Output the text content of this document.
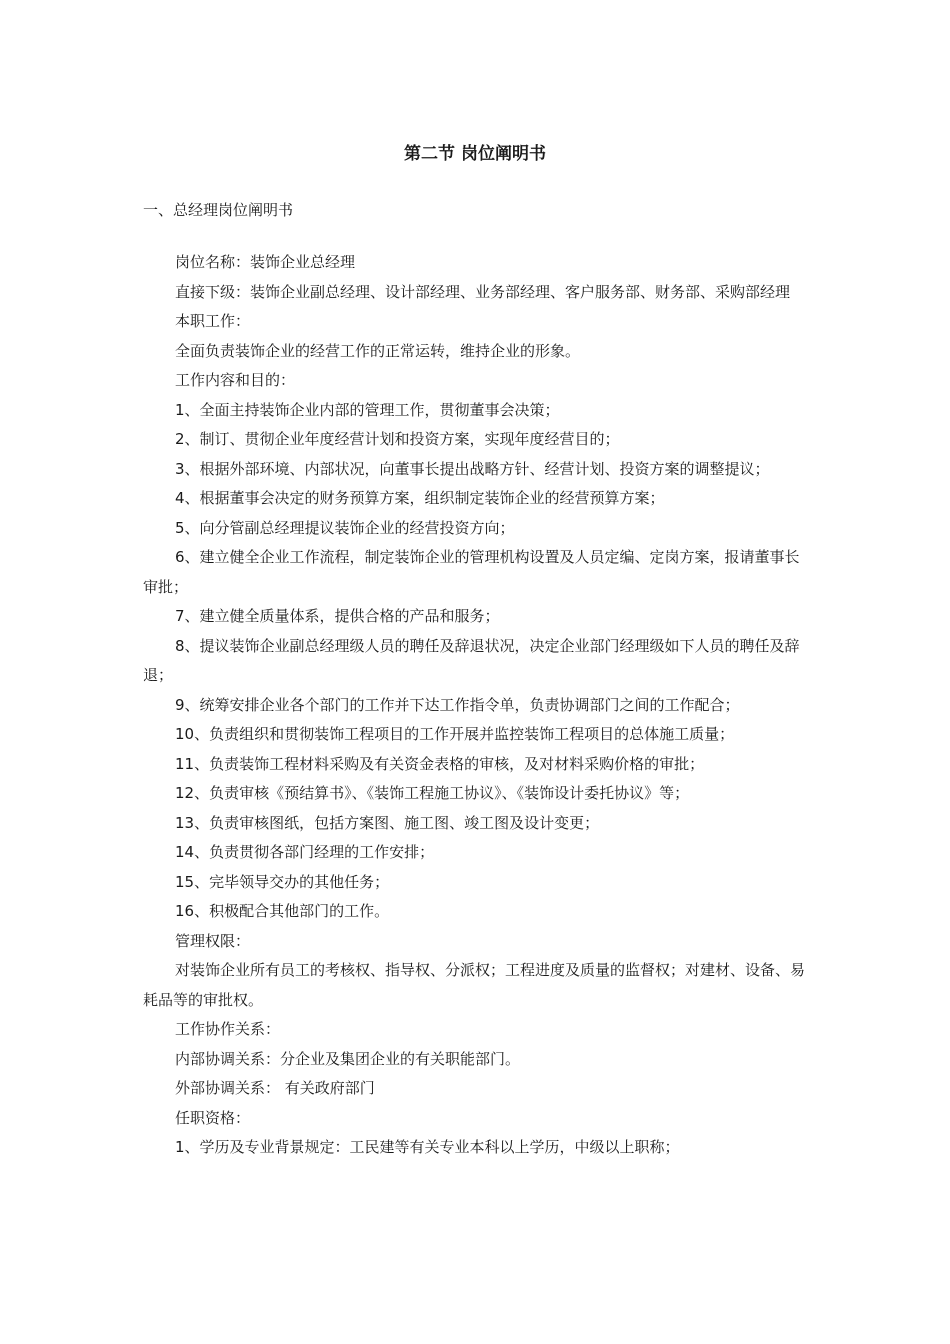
第二节 岗位阐明书
一、总经理岗位阐明书

岗位名称：装饰企业总经理

直接下级：装饰企业副总经理、设计部经理、业务部经理、客户服务部、财务部、采购部经理

本职工作：

全面负责装饰企业的经营工作的正常运转，维持企业的形象。

工作内容和目的：

1、全面主持装饰企业内部的管理工作，贯彻董事会决策；

2、制订、贯彻企业年度经营计划和投资方案，实现年度经营目的；

3、根据外部环境、内部状况，向董事长提出战略方针、经营计划、投资方案的调整提议；

4、根据董事会决定的财务预算方案，组织制定装饰企业的经营预算方案；

5、向分管副总经理提议装饰企业的经营投资方向；

6、建立健全企业工作流程，制定装饰企业的管理机构设置及人员定编、定岗方案，报请董事长审批；

7、建立健全质量体系，提供合格的产品和服务；

8、提议装饰企业副总经理级人员的聘任及辞退状况，决定企业部门经理级如下人员的聘任及辞退；

9、统筹安排企业各个部门的工作并下达工作指令单，负责协调部门之间的工作配合；

10、负责组织和贯彻装饰工程项目的工作开展并监控装饰工程项目的总体施工质量；

11、负责装饰工程材料采购及有关资金表格的审核，及对材料采购价格的审批；

12、负责审核《预结算书》、《装饰工程施工协议》、《装饰设计委托协议》等；

13、负责审核图纸，包括方案图、施工图、竣工图及设计变更；

14、负责贯彻各部门经理的工作安排；

15、完毕领导交办的其他任务；

16、积极配合其他部门的工作。

管理权限：

对装饰企业所有员工的考核权、指导权、分派权；工程进度及质量的监督权；对建材、设备、易耗品等的审批权。

工作协作关系：

内部协调关系：分企业及集团企业的有关职能部门。

外部协调关系： 有关政府部门

任职资格：

1、学历及专业背景规定：工民建等有关专业本科以上学历，中级以上职称；
